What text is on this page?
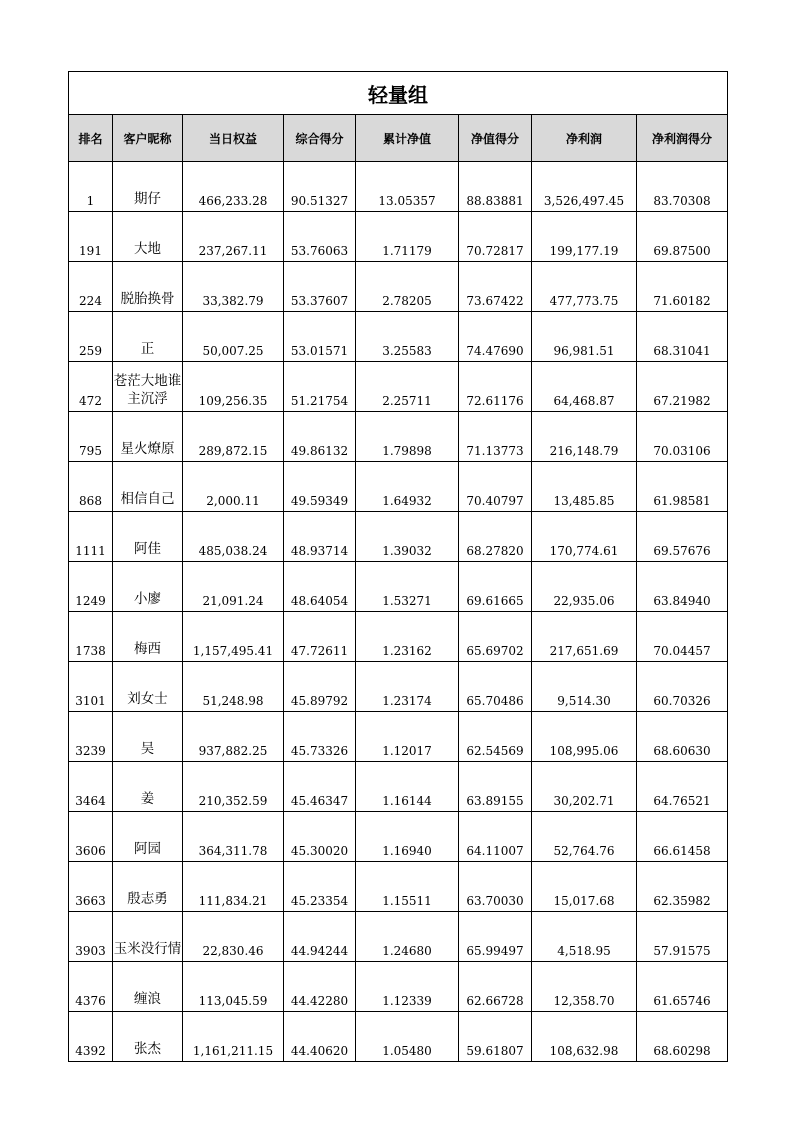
轻量组							
排名	客户昵称	当日权益	综合得分	累计净值	净值得分	净利润	净利润得分
1	期仔	466,233.28	90.51327	13.05357	88.83881	3,526,497.45	83.70308
191	大地	237,267.11	53.76063	1.71179	70.72817	199,177.19	69.87500
224	脱胎换骨	33,382.79	53.37607	2.78205	73.67422	477,773.75	71.60182
259	正	50,007.25	53.01571	3.25583	74.47690	96,981.51	68.31041
472	苍茫大地谁主沉浮	109,256.35	51.21754	2.25711	72.61176	64,468.87	67.21982
795	星火燎原	289,872.15	49.86132	1.79898	71.13773	216,148.79	70.03106
868	相信自己	2,000.11	49.59349	1.64932	70.40797	13,485.85	61.98581
1111	阿佳	485,038.24	48.93714	1.39032	68.27820	170,774.61	69.57676
1249	小廖	21,091.24	48.64054	1.53271	69.61665	22,935.06	63.84940
1738	梅西	1,157,495.41	47.72611	1.23162	65.69702	217,651.69	70.04457
3101	刘女士	51,248.98	45.89792	1.23174	65.70486	9,514.30	60.70326
3239	吴	937,882.25	45.73326	1.12017	62.54569	108,995.06	68.60630
3464	姜	210,352.59	45.46347	1.16144	63.89155	30,202.71	64.76521
3606	阿园	364,311.78	45.30020	1.16940	64.11007	52,764.76	66.61458
3663	殷志勇	111,834.21	45.23354	1.15511	63.70030	15,017.68	62.35982
3903	玉米没行情	22,830.46	44.94244	1.24680	65.99497	4,518.95	57.91575
4376	缠浪	113,045.59	44.42280	1.12339	62.66728	12,358.70	61.65746
4392	张杰	1,161,211.15	44.40620	1.05480	59.61807	108,632.98	68.60298
